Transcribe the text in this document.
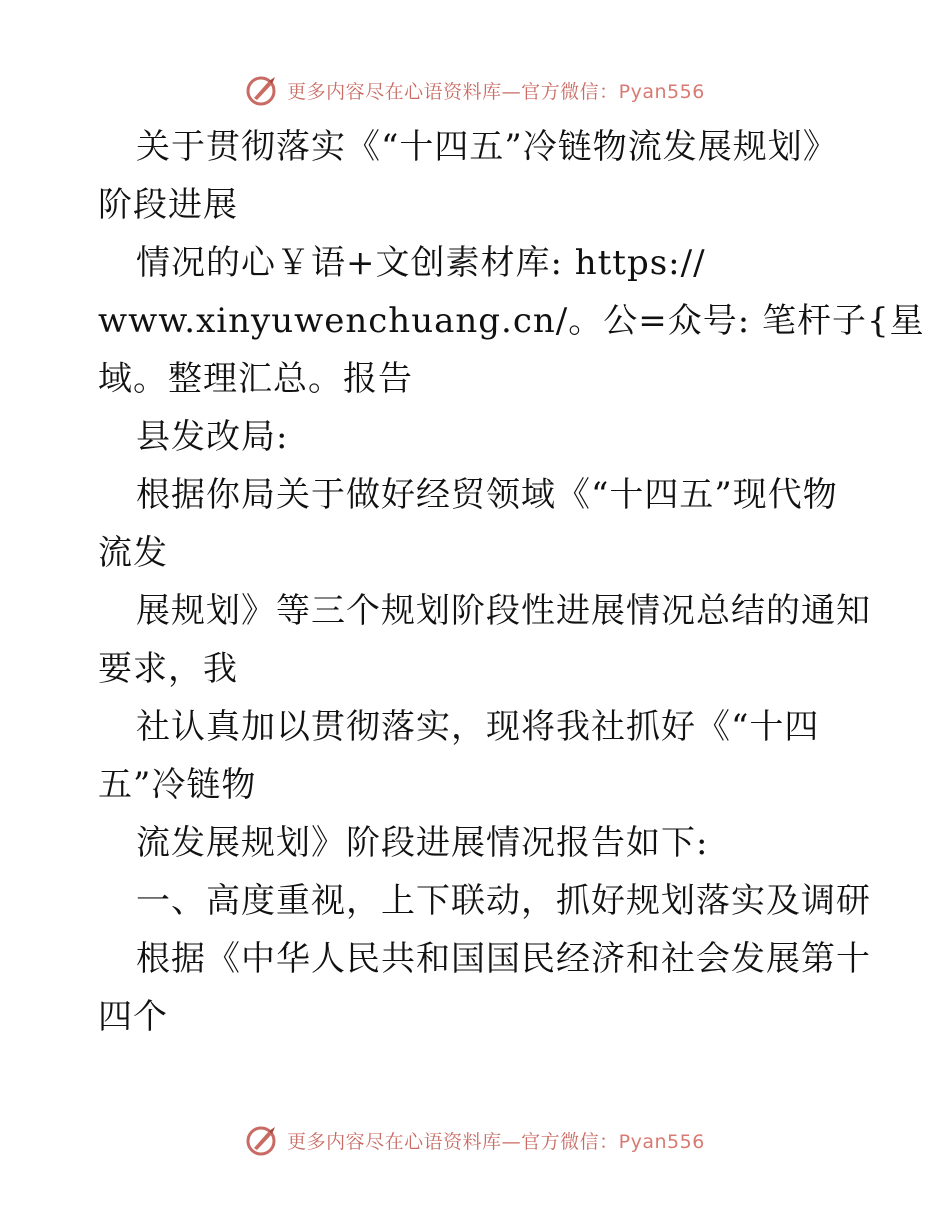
更多内容尽在心语资料库—官方微信：Pyan556
关于贯彻落实《“十四五”冷链物流发展规划》
阶段进展
情况的心￥语+文创素材库: https://
www.xinyuwenchuang.cn/。公=众号: 笔杆子{星
域。整理汇总。报告
县发改局:
根据你局关于做好经贸领域《“十四五”现代物
流发
展规划》等三个规划阶段性进展情况总结的通知
要求，我
社认真加以贯彻落实，现将我社抓好《“十四
五”冷链物
流发展规划》阶段进展情况报告如下:
一、高度重视，上下联动，抓好规划落实及调研
根据《中华人民共和国国民经济和社会发展第十
四个
更多内容尽在心语资料库—官方微信：Pyan556
